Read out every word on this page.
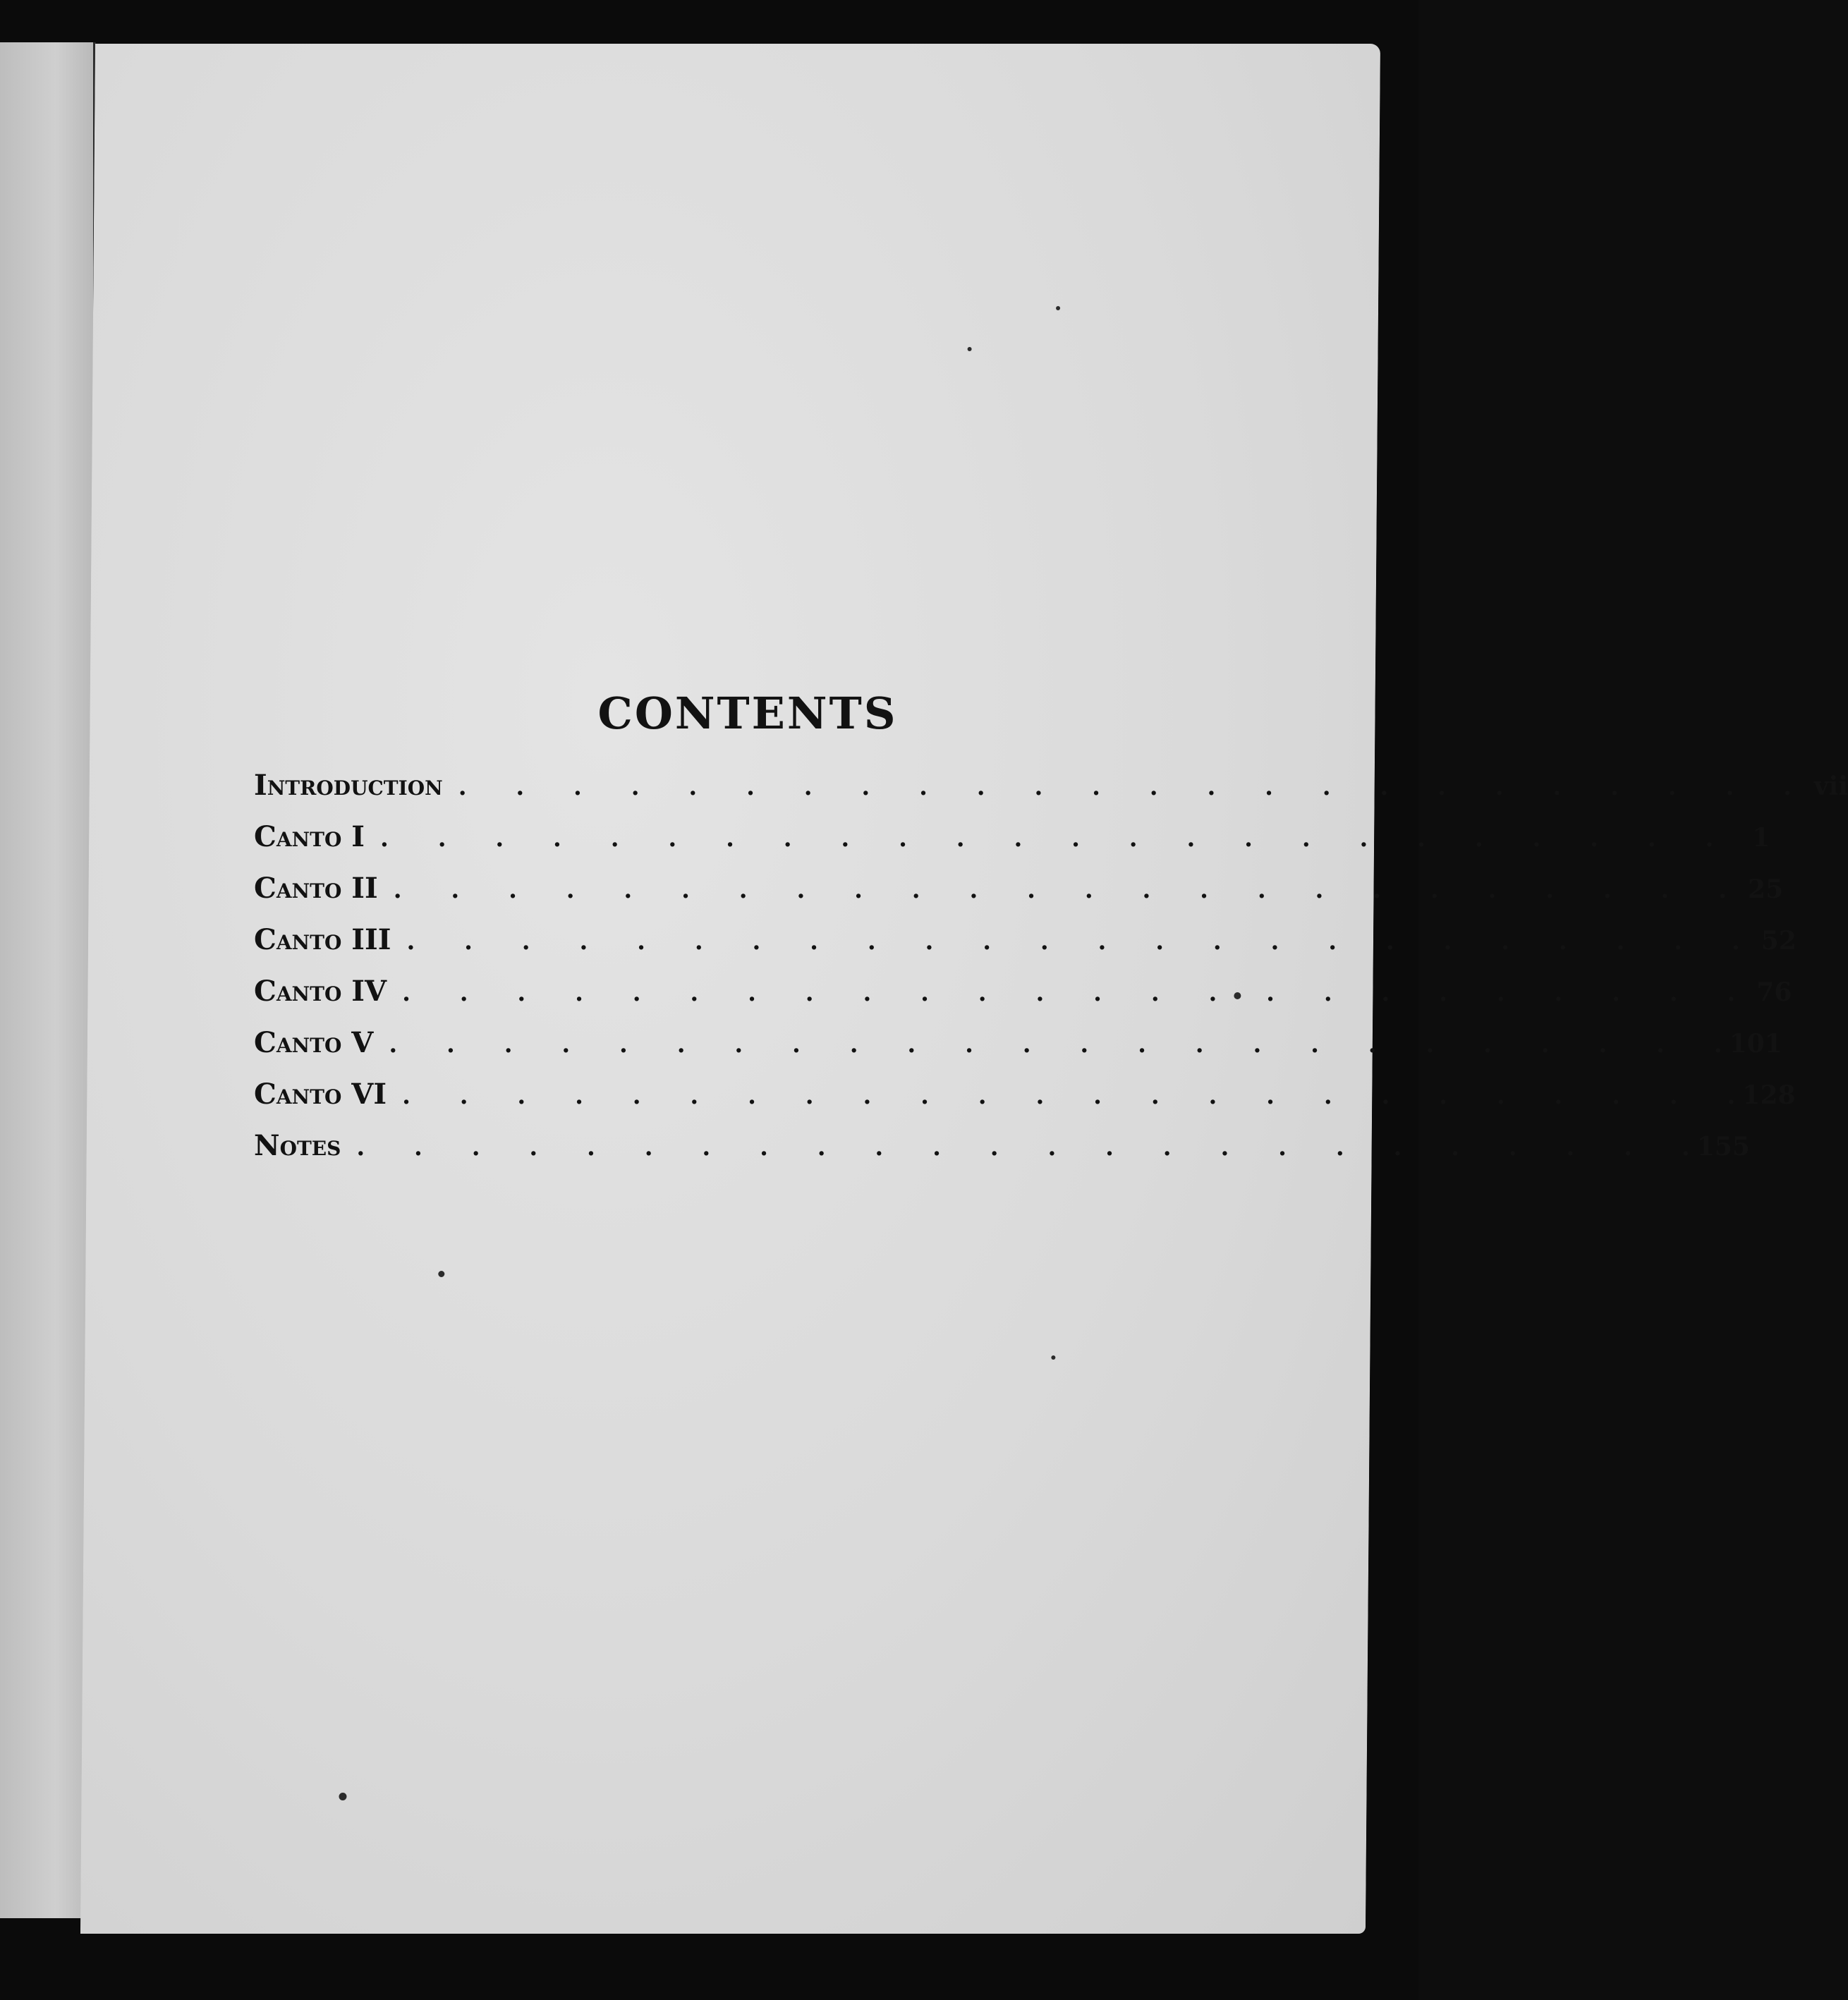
CONTENTS
Introduction . . . . . . . . . . . . . . . . . . . . . . . . vii
Canto I . . . . . . . . . . . . . . . . . . . . . . . .	1
Canto II . . . . . . . . . . . . . . . . . . . . . . . . 25
Canto III . . . . . . . . . . . . . . . . . . . . . . . . 52
Canto IV . . . . . . . . . . . . . . . . . . . . . . . . 76
Canto V . . . . . . . . . . . . . . . . . . . . . . . . 101
Canto VI . . . . . . . . . . . . . . . . . . . . . . . . 128
Notes . . . . . . . . . . . . . . . . . . . . . . . . 155
